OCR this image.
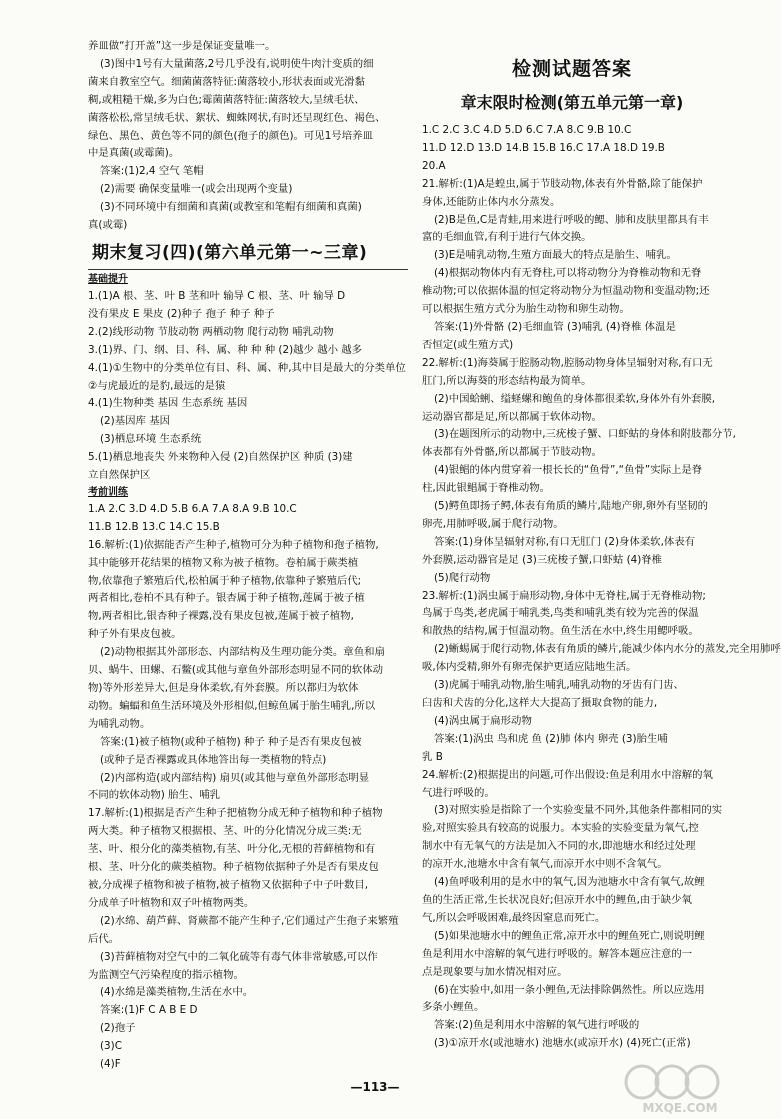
养皿做“打开盖”这一步是保证变量唯一。
(3)图中1号有大量菌落,2号几乎没有,说明使牛肉汁变质的细
菌来自教室空气。细菌菌落特征:菌落较小,形状表面或光滑黏
稠,或粗糙干燥,多为白色;霉菌菌落特征:菌落较大,呈绒毛状、
菌落松松,常呈绒毛状、絮状、蜘蛛网状,有时还呈现红色、褐色、
绿色、黑色、黄色等不同的颜色(孢子的颜色)。可见1号培养皿
中是真菌(或霉菌)。
答案:(1)2,4 空气 笔帽
(2)需要 确保变量唯一(或会出现两个变量)
(3)不同环境中有细菌和真菌(或教室和笔帽有细菌和真菌)
真(或霉)
期末复习(四)(第六单元第一~三章)
基础提升
1.(1)A 根、茎、叶 B 茎和叶 输导 C 根、茎、叶 输导 D
没有果皮 E 果皮 (2)种子 孢子 种子 种子
2.(2)线形动物 节肢动物 两栖动物 爬行动物 哺乳动物
3.(1)界、门、纲、目、科、属、种 种 种 (2)越少 越小 越多
4.(1)①生物中的分类单位有目、科、属、种,其中目是最大的分类单位
②与虎最近的是豹,最远的是猿
4.(1)生物种类 基因 生态系统 基因
(2)基因库 基因
(3)栖息环境 生态系统
5.(1)栖息地丧失 外来物种入侵 (2)自然保护区 种质 (3)建
立自然保护区
考前训练
1.A 2.C 3.D 4.D 5.B 6.A 7.A 8.A 9.B 10.C
11.B 12.B 13.C 14.C 15.B
16.解析:(1)依据能否产生种子,植物可分为种子植物和孢子植物,
其中能够开花结果的植物又称为被子植物。卷柏属于蕨类植
物,依靠孢子繁殖后代,松柏属于种子植物,依靠种子繁殖后代;
两者相比,卷柏不具有种子。银杏属于种子植物,莲属于被子植
物,两者相比,银杏种子裸露,没有果皮包被,莲属于被子植物,
种子外有果皮包被。
(2)动物根据其外部形态、内部结构及生理功能分类。章鱼和扇
贝、蜗牛、田螺、石鳖(或其他与章鱼外部形态明显不同的软体动
物)等外形差异大,但是身体柔软,有外套膜。所以都归为软体
动物。蝙蝠和鱼生活环境及外形相似,但鲸鱼属于胎生哺乳,所以
为哺乳动物。
答案:(1)被子植物(或种子植物) 种子 种子是否有果皮包被
(或种子是否裸露或具体地答出每一类植物的特点)
(2)内部构造(或内部结构) 扇贝(或其他与章鱼外部形态明显
不同的软体动物) 胎生、哺乳
17.解析:(1)根据是否产生种子把植物分成无种子植物和种子植物
两大类。种子植物又根据根、茎、叶的分化情况分成三类:无
茎、叶、根分化的藻类植物,有茎、叶分化,无根的苔藓植物和有
根、茎、叶分化的蕨类植物。种子植物依据种子外是否有果皮包
被,分成裸子植物和被子植物,被子植物又依据种子中子叶数目,
分成单子叶植物和双子叶植物两类。
(2)水绵、葫芦藓、肾蕨都不能产生种子,它们通过产生孢子来繁殖
后代。
(3)苔藓植物对空气中的二氧化硫等有毒气体非常敏感,可以作
为监测空气污染程度的指示植物。
(4)水绵是藻类植物,生活在水中。
答案:(1)F C A B E D
(2)孢子
(3)C
(4)F
检测试题答案
章末限时检测(第五单元第一章)
1.C 2.C 3.C 4.D 5.D 6.C 7.A 8.C 9.B 10.C
11.D 12.D 13.D 14.B 15.B 16.C 17.A 18.D 19.B
20.A
21.解析:(1)A是蝗虫,属于节肢动物,体表有外骨骼,除了能保护
身体,还能防止体内水分蒸发。
(2)B是鱼,C是青蛙,用来进行呼吸的鳃、肺和皮肤里都具有丰
富的毛细血管,有利于进行气体交换。
(3)E是哺乳动物,生殖方面最大的特点是胎生、哺乳。
(4)根据动物体内有无脊柱,可以将动物分为脊椎动物和无脊
椎动物;可以依据体温的恒定将动物分为恒温动物和变温动物;还
可以根据生殖方式分为胎生动物和卵生动物。
答案:(1)外骨骼 (2)毛细血管 (3)哺乳 (4)脊椎 体温是
否恒定(或生殖方式)
22.解析:(1)海葵属于腔肠动物,腔肠动物身体呈辐射对称,有口无
肛门,所以海葵的形态结构最为简单。
(2)中国蛤蜊、缢蛏螺和鲍鱼的身体都很柔软,身体外有外套膜,
运动器官都是足,所以都属于软体动物。
(3)在题图所示的动物中,三疣梭子蟹、口虾蛄的身体和附肢都分节,
体表都有外骨骼,所以都属于节肢动物。
(4)银鲳的体内贯穿着一根长长的“鱼骨”,“鱼骨”实际上是脊
柱,因此银鲳属于脊椎动物。
(5)鳄鱼即扬子鳄,体表有角质的鳞片,陆地产卵,卵外有坚韧的
卵壳,用肺呼吸,属于爬行动物。
答案:(1)身体呈辐射对称,有口无肛门 (2)身体柔软,体表有
外套膜,运动器官是足 (3)三疣梭子蟹,口虾蛄 (4)脊椎
(5)爬行动物
23.解析:(1)涡虫属于扁形动物,身体中无脊柱,属于无脊椎动物;
鸟属于鸟类,老虎属于哺乳类,鸟类和哺乳类有较为完善的保温
和散热的结构,属于恒温动物。鱼生活在水中,终生用鳃呼吸。
(2)蜥蜴属于爬行动物,体表有角质的鳞片,能减少体内水分的蒸发,完全用肺呼
吸,体内受精,卵外有卵壳保护更适应陆地生活。
(3)虎属于哺乳动物,胎生哺乳,哺乳动物的牙齿有门齿、
臼齿和犬齿的分化,这样大大提高了摄取食物的能力,
(4)涡虫属于扁形动物
答案:(1)涡虫 鸟和虎 鱼 (2)肺 体内 卵壳 (3)胎生哺
乳 B
24.解析:(2)根据提出的问题,可作出假设:鱼是利用水中溶解的氧
气进行呼吸的。
(3)对照实验是指除了一个实验变量不同外,其他条件都相同的实
验,对照实验具有较高的说服力。本实验的实验变量为氧气,控
制水中有无氧气的方法是加入不同的水,即池塘水和经过处理
的凉开水,池塘水中含有氧气,而凉开水中则不含氧气。
(4)鱼呼吸利用的是水中的氧气,因为池塘水中含有氧气,故鲤
鱼的生活正常,生长状况良好;但凉开水中的鲤鱼,由于缺少氧
气,所以会呼吸困难,最终因窒息而死亡。
(5)如果池塘水中的鲤鱼正常,凉开水中的鲤鱼死亡,则说明鲤
鱼是利用水中溶解的氧气进行呼吸的。解答本题应注意的一
点是现象要与加水情况相对应。
(6)在实验中,如用一条小鲤鱼,无法排除偶然性。所以应选用
多条小鲤鱼。
答案:(2)鱼是利用水中溶解的氧气进行呼吸的
(3)①凉开水(或池塘水) 池塘水(或凉开水) (4)死亡(正常)
—113—
MXQE.COM
